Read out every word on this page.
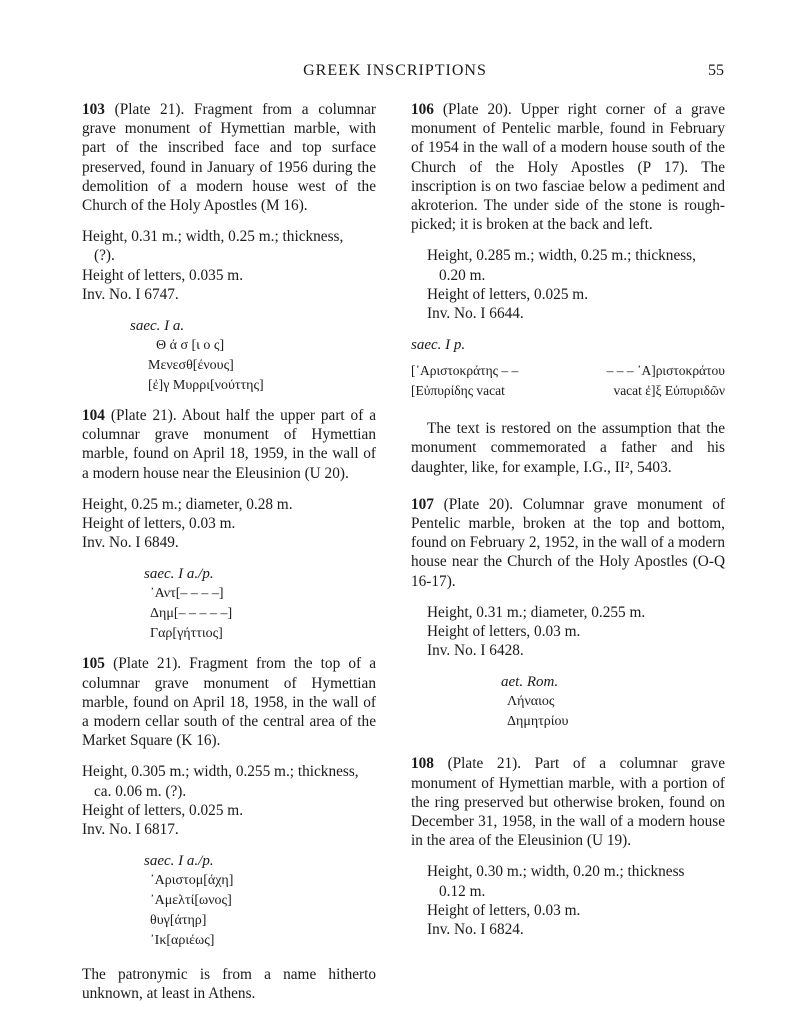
GREEK INSCRIPTIONS	55

103 (Plate 21). Fragment from a columnar grave monument of Hymettian marble, with part of the inscribed face and top surface preserved, found in January of 1956 during the demolition of a modern house west of the Church of the Holy Apostles (M 16).

Height, 0.31 m.; width, 0.25 m.; thickness,
(?).
Height of letters, 0.035 m.
Inv. No. I 6747.
saec. I a.
Θ ά σ [ι ο ς]
Μενεσθ[ένους]
[ἐ]γ Μυρρι[νούττης]

104 (Plate 21). About half the upper part of a columnar grave monument of Hymettian marble, found on April 18, 1959, in the wall of a modern house near the Eleusinion (U 20).

Height, 0.25 m.; diameter, 0.28 m.
Height of letters, 0.03 m.
Inv. No. I 6849.
saec. I a./p.
᾽Αντ[– – – –]
Δημ[– – – – –]
Γαρ[γήττιος]

105 (Plate 21). Fragment from the top of a columnar grave monument of Hymettian marble, found on April 18, 1958, in the wall of a modern cellar south of the central area of the Market Square (K 16).

Height, 0.305 m.; width, 0.255 m.; thickness,
ca. 0.06 m. (?).
Height of letters, 0.025 m.
Inv. No. I 6817.
saec. I a./p.
᾽Αριστομ[άχη]
᾽Αμελτί[ωνος]
θυγ[άτηρ]
᾽Ικ[αριέως]

The patronymic is from a name hitherto unknown, at least in Athens.

106 (Plate 20). Upper right corner of a grave monument of Pentelic marble, found in February of 1954 in the wall of a modern house south of the Church of the Holy Apostles (P 17). The inscription is on two fasciae below a pediment and akroterion. The under side of the stone is rough-picked; it is broken at the back and left.

Height, 0.285 m.; width, 0.25 m.; thickness,
0.20 m.
Height of letters, 0.025 m.
Inv. No. I 6644.
saec. I p.
[᾽Αριστοκράτης – –	– – – ᾽Α]ριστοκράτου
[Εὐπυρίδης vacat	vacat ἐ]ξ Εὐπυριδῶν

The text is restored on the assumption that the monument commemorated a father and his daughter, like, for example, I.G., II², 5403.

107 (Plate 20). Columnar grave monument of Pentelic marble, broken at the top and bottom, found on February 2, 1952, in the wall of a modern house near the Church of the Holy Apostles (O-Q 16-17).

Height, 0.31 m.; diameter, 0.255 m.
Height of letters, 0.03 m.
Inv. No. I 6428.
aet. Rom.
Λήναιος
Δημητρίου

108 (Plate 21). Part of a columnar grave monument of Hymettian marble, with a portion of the ring preserved but otherwise broken, found on December 31, 1958, in the wall of a modern house in the area of the Eleusinion (U 19).

Height, 0.30 m.; width, 0.20 m.; thickness
0.12 m.
Height of letters, 0.03 m.
Inv. No. I 6824.
